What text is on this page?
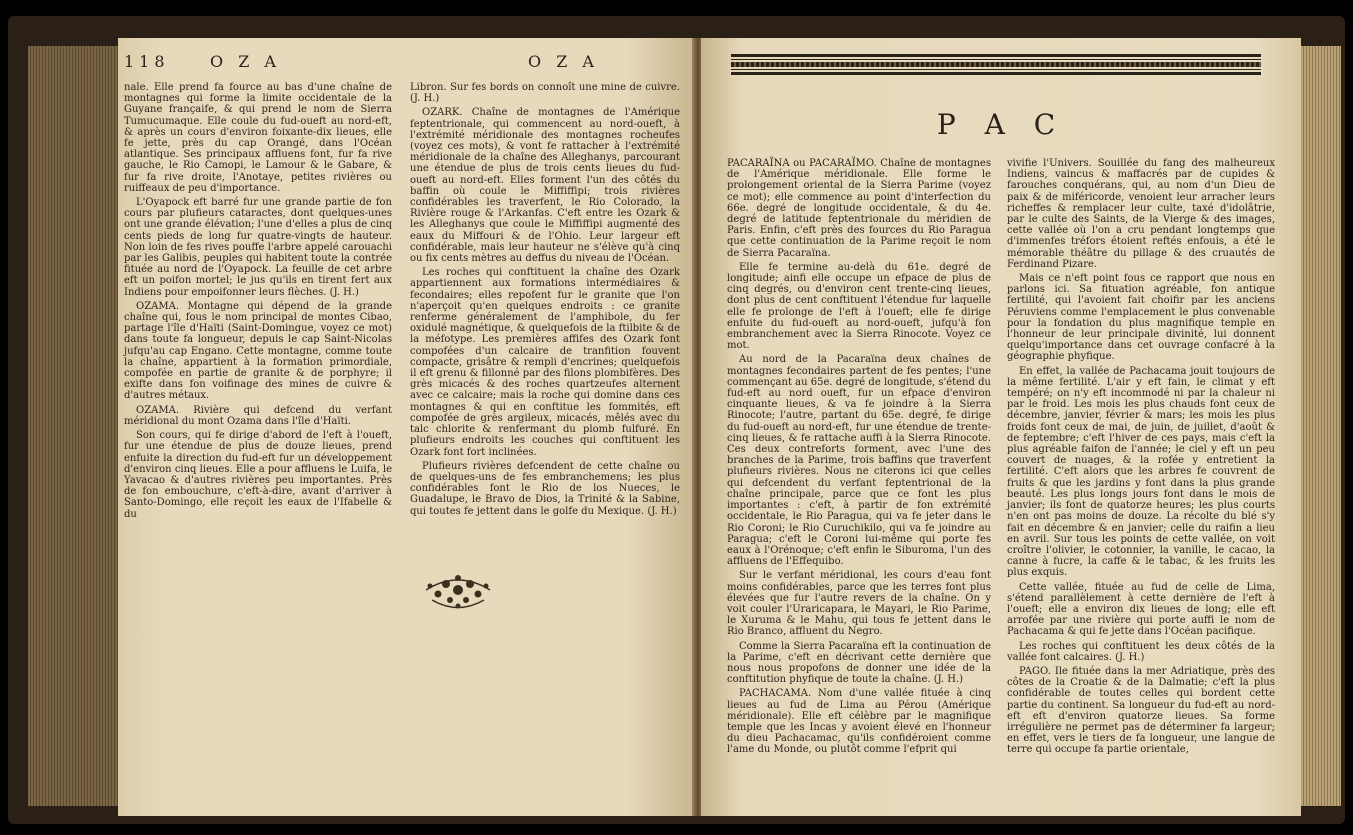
118	O Z A	O Z A

nale. Elle prend fa fource au bas d'une chaîne de montagnes qui forme la limite occidentale de la Guyane françaife, & qui prend le nom de Sierra Tumucumaque. Elle coule du fud-oueft au nord-eft, & après un cours d'environ foixante-dix lieues, elle fe jette, près du cap Orangé, dans l'Océan atlantique. Ses principaux affluens font, fur fa rive gauche, le Rio Camopi, le Lamour & le Gabare, & fur fa rive droite, l'Anotaye, petites rivières ou ruiffeaux de peu d'importance.

L'Oyapock eft barré fur une grande partie de fon cours par plufieurs cataractes, dont quelques-unes ont une grande élévation; l'une d'elles a plus de cinq cents pieds de long fur quatre-vingts de hauteur. Non loin de fes rives pouffe l'arbre appelé carouachi par les Galibis, peuples qui habitent toute la contrée fituée au nord de l'Oyapock. La feuille de cet arbre eft un poifon mortel; le jus qu'ils en tirent fert aux Indiens pour empoifonner leurs flèches. (J. H.)

OZAMA. Montagne qui dépend de la grande chaîne qui, fous le nom principal de montes Cibao, partage l'île d'Haïti (Saint-Domingue, voyez ce mot) dans toute fa longueur, depuis le cap Saint-Nicolas jufqu'au cap Engano. Cette montagne, comme toute la chaîne, appartient à la formation primordiale, compofée en partie de granite & de porphyre; il exifte dans fon voifinage des mines de cuivre & d'autres métaux.

OZAMA. Rivière qui defcend du verfant méridional du mont Ozama dans l'île d'Haïti.

Son cours, qui fe dirige d'abord de l'eft à l'oueft, fur une étendue de plus de douze lieues, prend enfuite la direction du fud-eft fur un développement d'environ cinq lieues. Elle a pour affluens le Luifa, le Yavacao & d'autres rivières peu importantes. Près de fon embouchure, c'eft-à-dire, avant d'arriver à Santo-Domingo, elle reçoit les eaux de l'Ifabelle & du

Libron. Sur fes bords on connoît une mine de cuivre. (J. H.)

OZARK. Chaîne de montagnes de l'Amérique feptentrionale, qui commencent au nord-oueft, à l'extrémité méridionale des montagnes rocheufes (voyez ces mots), & vont fe rattacher à l'extrémité méridionale de la chaîne des Alleghanys, parcourant une étendue de plus de trois cents lieues du fud-oueft au nord-eft. Elles forment l'un des côtés du baffin où coule le Miffiffipi; trois rivières confidérables les traverfent, le Rio Colorado, la Rivière rouge & l'Arkanfas. C'eft entre les Ozark & les Alleghanys que coule le Miffiffipi augmenté des eaux du Miffouri & de l'Ohio. Leur largeur eft confidérable, mais leur hauteur ne s'élève qu'à cinq ou fix cents mètres au deffus du niveau de l'Océan.

Les roches qui conftituent la chaîne des Ozark appartiennent aux formations intermédiaires & fecondaires; elles repofent fur le granite que l'on n'aperçoit qu'en quelques endroits : ce granite renferme généralement de l'amphibole, du fer oxidulé magnétique, & quelquefois de la ftilbite & de la méfotype. Les premières affifes des Ozark font compofées d'un calcaire de tranfition fouvent compacte, grisâtre & rempli d'encrines; quelquefois il eft grenu & fillonné par des filons plombifères. Des grès micacés & des roches quartzeufes alternent avec ce calcaire; mais la roche qui domine dans ces montagnes & qui en conftitue les fommités, eft compofée de grès argileux, micacés, mêlés avec du talc chlorite & renfermant du plomb fulfuré. En plufieurs endroits les couches qui conftituent les Ozark font fort inclinées.

Plufieurs rivières defcendent de cette chaîne ou de quelques-uns de fes embranchemens; les plus confidérables font le Rio de los Nueces, le Guadalupe, le Bravo de Dios, la Trinité & la Sabine, qui toutes fe jettent dans le golfe du Mexique. (J. H.)

P A C

PACARAÏNA ou PACARAÏMO. Chaîne de montagnes de l'Amérique méridionale. Elle forme le prolongement oriental de la Sierra Parime (voyez ce mot); elle commence au point d'interfection du 66e. degré de longitude occidentale, & du 4e. degré de latitude feptentrionale du méridien de Paris. Enfin, c'eft près des fources du Rio Paragua que cette continuation de la Parime reçoit le nom de Sierra Pacaraïna.

Elle fe termine au-delà du 61e. degré de longitude; ainfi elle occupe un efpace de plus de cinq degrés, ou d'environ cent trente-cinq lieues, dont plus de cent conftituent l'étendue fur laquelle elle fe prolonge de l'eft à l'oueft; elle fe dirige enfuite du fud-oueft au nord-oueft, jufqu'à fon embranchement avec la Sierra Rinocote. Voyez ce mot.

Au nord de la Pacaraïna deux chaînes de montagnes fecondaires partent de fes pentes; l'une commençant au 65e. degré de longitude, s'étend du fud-eft au nord oueft, fur un efpace d'environ cinquante lieues, & va fe joindre à la Sierra Rinocote; l'autre, partant du 65e. degré, fe dirige du fud-oueft au nord-eft, fur une étendue de trente-cinq lieues, & fe rattache auffi à la Sierra Rinocote. Ces deux contreforts forment, avec l'une des branches de la Parime, trois baffins que traverfent plufieurs rivières. Nous ne citerons ici que celles qui defcendent du verfant feptentrional de la chaîne principale, parce que ce font les plus importantes : c'eft, à partir de fon extrémité occidentale, le Rio Paragua, qui va fe jeter dans le Rio Coroni; le Rio Curuchikilo, qui va fe joindre au Paragua; c'eft le Coroni lui-même qui porte fes eaux à l'Orénoque; c'eft enfin le Siburoma, l'un des affluens de l'Effequibo.

Sur le verfant méridional, les cours d'eau font moins confidérables, parce que les terres font plus élevées que fur l'autre revers de la chaîne. On y voit couler l'Uraricapara, le Mayari, le Rio Parime, le Xuruma & le Mahu, qui tous fe jettent dans le Rio Branco, affluent du Negro.

Comme la Sierra Pacaraïna eft la continuation de la Parime, c'eft en décrivant cette dernière que nous nous propofons de donner une idée de la conftitution phyfique de toute la chaîne. (J. H.)

PACHACAMA. Nom d'une vallée fituée à cinq lieues au fud de Lima au Pérou (Amérique méridionale). Elle eft célèbre par le magnifique temple que les Incas y avoient élevé en l'honneur du dieu Pachacamac, qu'ils confidéroient comme l'ame du Monde, ou plutôt comme l'efprit qui

vivifie l'Univers. Souillée du fang des malheureux Indiens, vaincus & maffacrés par de cupides & farouches conquérans, qui, au nom d'un Dieu de paix & de miféricorde, venoient leur arracher leurs richeffes & remplacer leur culte, taxé d'idolâtrie, par le culte des Saints, de la Vierge & des images, cette vallée où l'on a cru pendant longtemps que d'immenfes tréfors étoient reftés enfouis, a été le mémorable théâtre du pillage & des cruautés de Ferdinand Pizare.

Mais ce n'eft point fous ce rapport que nous en parlons ici. Sa fituation agréable, fon antique fertilité, qui l'avoient fait choifir par les anciens Péruviens comme l'emplacement le plus convenable pour la fondation du plus magnifique temple en l'honneur de leur principale divinité, lui donnent quelqu'importance dans cet ouvrage confacré à la géographie phyfique.

En effet, la vallée de Pachacama jouit toujours de la même fertilité. L'air y eft fain, le climat y eft tempéré; on n'y eft incommodé ni par la chaleur ni par le froid. Les mois les plus chauds font ceux de décembre, janvier, février & mars; les mois les plus froids font ceux de mai, de juin, de juillet, d'août & de feptembre; c'eft l'hiver de ces pays, mais c'eft la plus agréable faifon de l'année; le ciel y eft un peu couvert de nuages, & la rofée y entretient la fertilité. C'eft alors que les arbres fe couvrent de fruits & que les jardins y font dans la plus grande beauté. Les plus longs jours font dans le mois de janvier; ils font de quatorze heures; les plus courts n'en ont pas moins de douze. La récolte du blé s'y fait en décembre & en janvier; celle du raifin a lieu en avril. Sur tous les points de cette vallée, on voit croître l'olivier, le cotonnier, la vanille, le cacao, la canne à fucre, la caffe & le tabac, & les fruits les plus exquis.

Cette vallée, fituée au fud de celle de Lima, s'étend parallèlement à cette dernière de l'eft à l'oueft; elle a environ dix lieues de long; elle eft arrofée par une rivière qui porte auffi le nom de Pachacama & qui fe jette dans l'Océan pacifique.

Les roches qui conftituent les deux côtés de la vallée font calcaires. (J. H.)

PAGO. Ile fituée dans la mer Adriatique, près des côtes de la Croatie & de la Dalmatie; c'eft la plus confidérable de toutes celles qui bordent cette partie du continent. Sa longueur du fud-eft au nord-eft eft d'environ quatorze lieues. Sa forme irrégulière ne permet pas de déterminer fa largeur; en effet, vers le tiers de fa longueur, une langue de terre qui occupe fa partie orientale,
